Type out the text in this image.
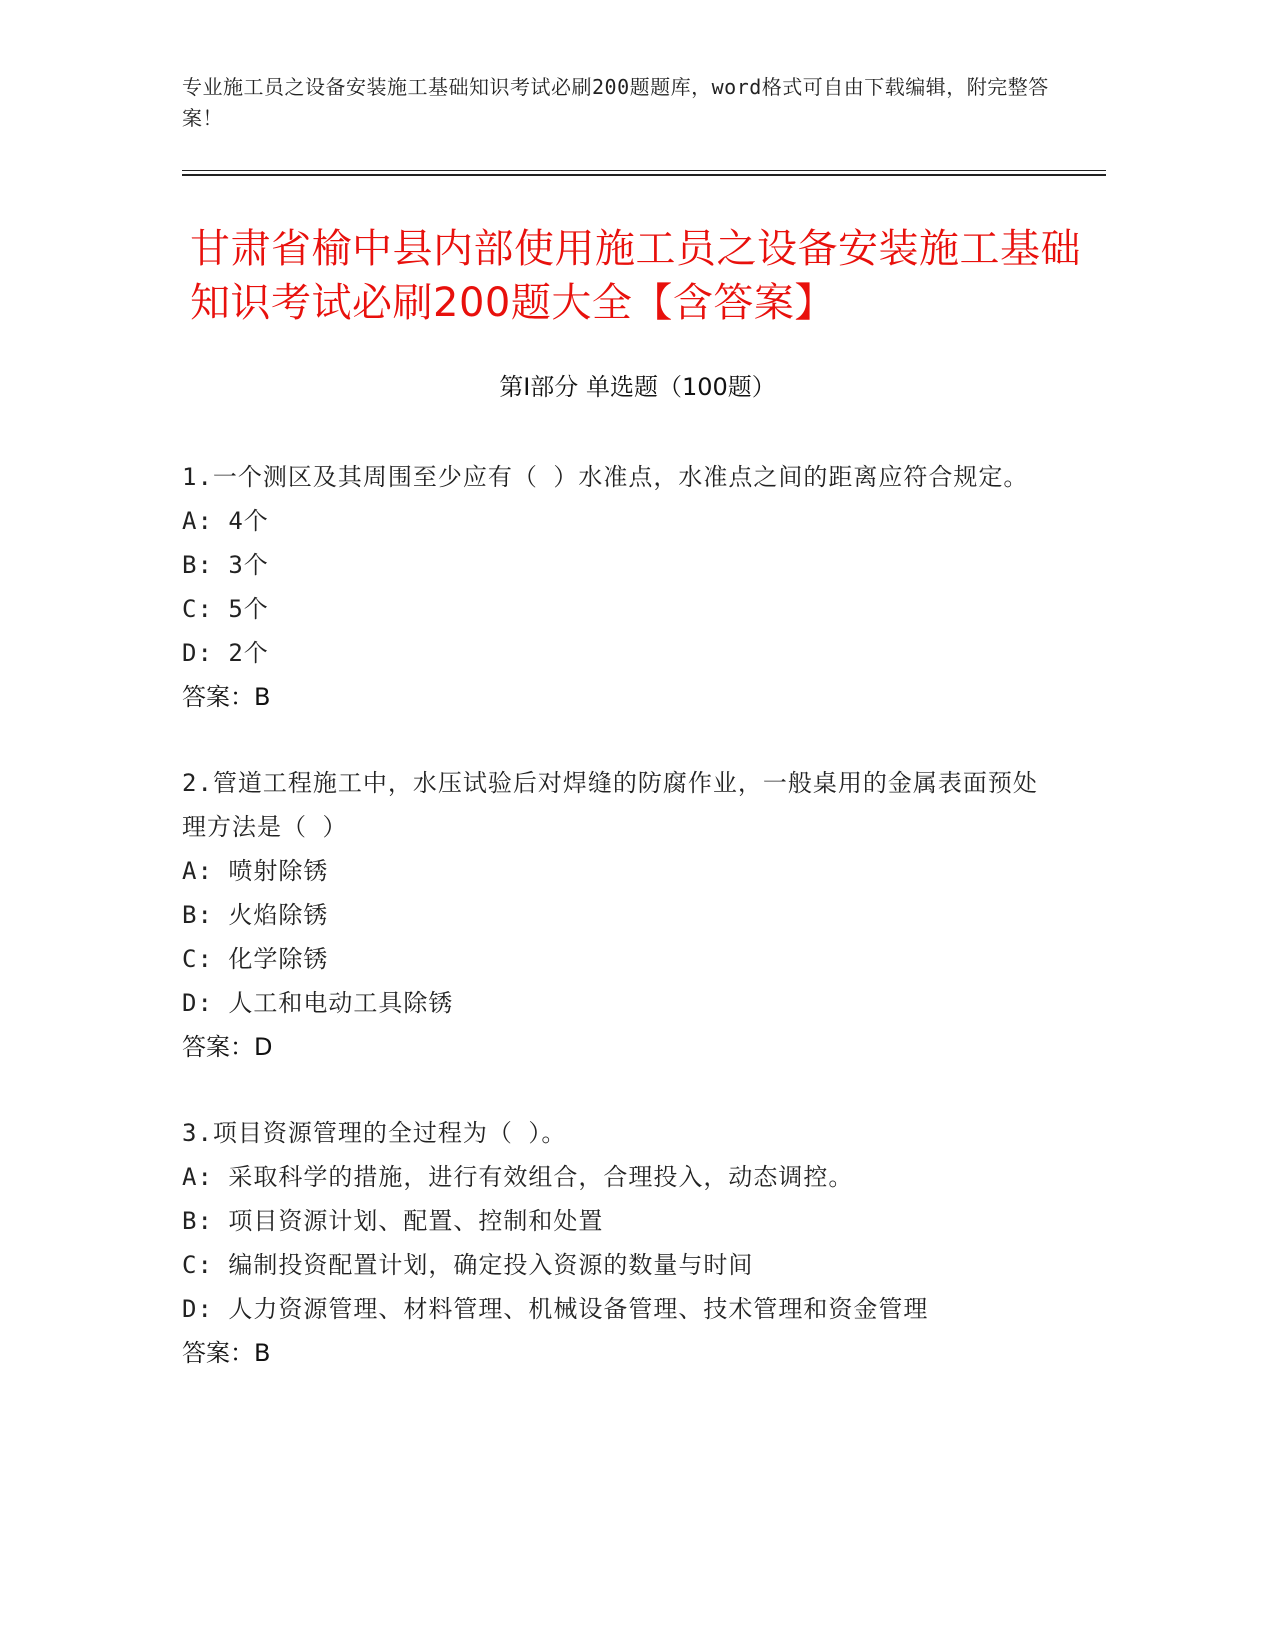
专业施工员之设备安装施工基础知识考试必刷200题题库，word格式可自由下载编辑，附完整答案！
甘肃省榆中县内部使用施工员之设备安装施工基础知识考试必刷200题大全【含答案】
第Ⅰ部分 单选题（100题）
1.一个测区及其周围至少应有（ ）水准点，水准点之间的距离应符合规定。
A: 4个
B: 3个
C: 5个
D: 2个
答案：B
2.管道工程施工中，水压试验后对焊缝的防腐作业，一般桌用的金属表面预处理方法是（ ）
A: 喷射除锈
B: 火焰除锈
C: 化学除锈
D: 人工和电动工具除锈
答案：D
3.项目资源管理的全过程为（ ）。
A: 采取科学的措施，进行有效组合，合理投入，动态调控。
B: 项目资源计划、配置、控制和处置
C: 编制投资配置计划，确定投入资源的数量与时间
D: 人力资源管理、材料管理、机械设备管理、技术管理和资金管理
答案：B
